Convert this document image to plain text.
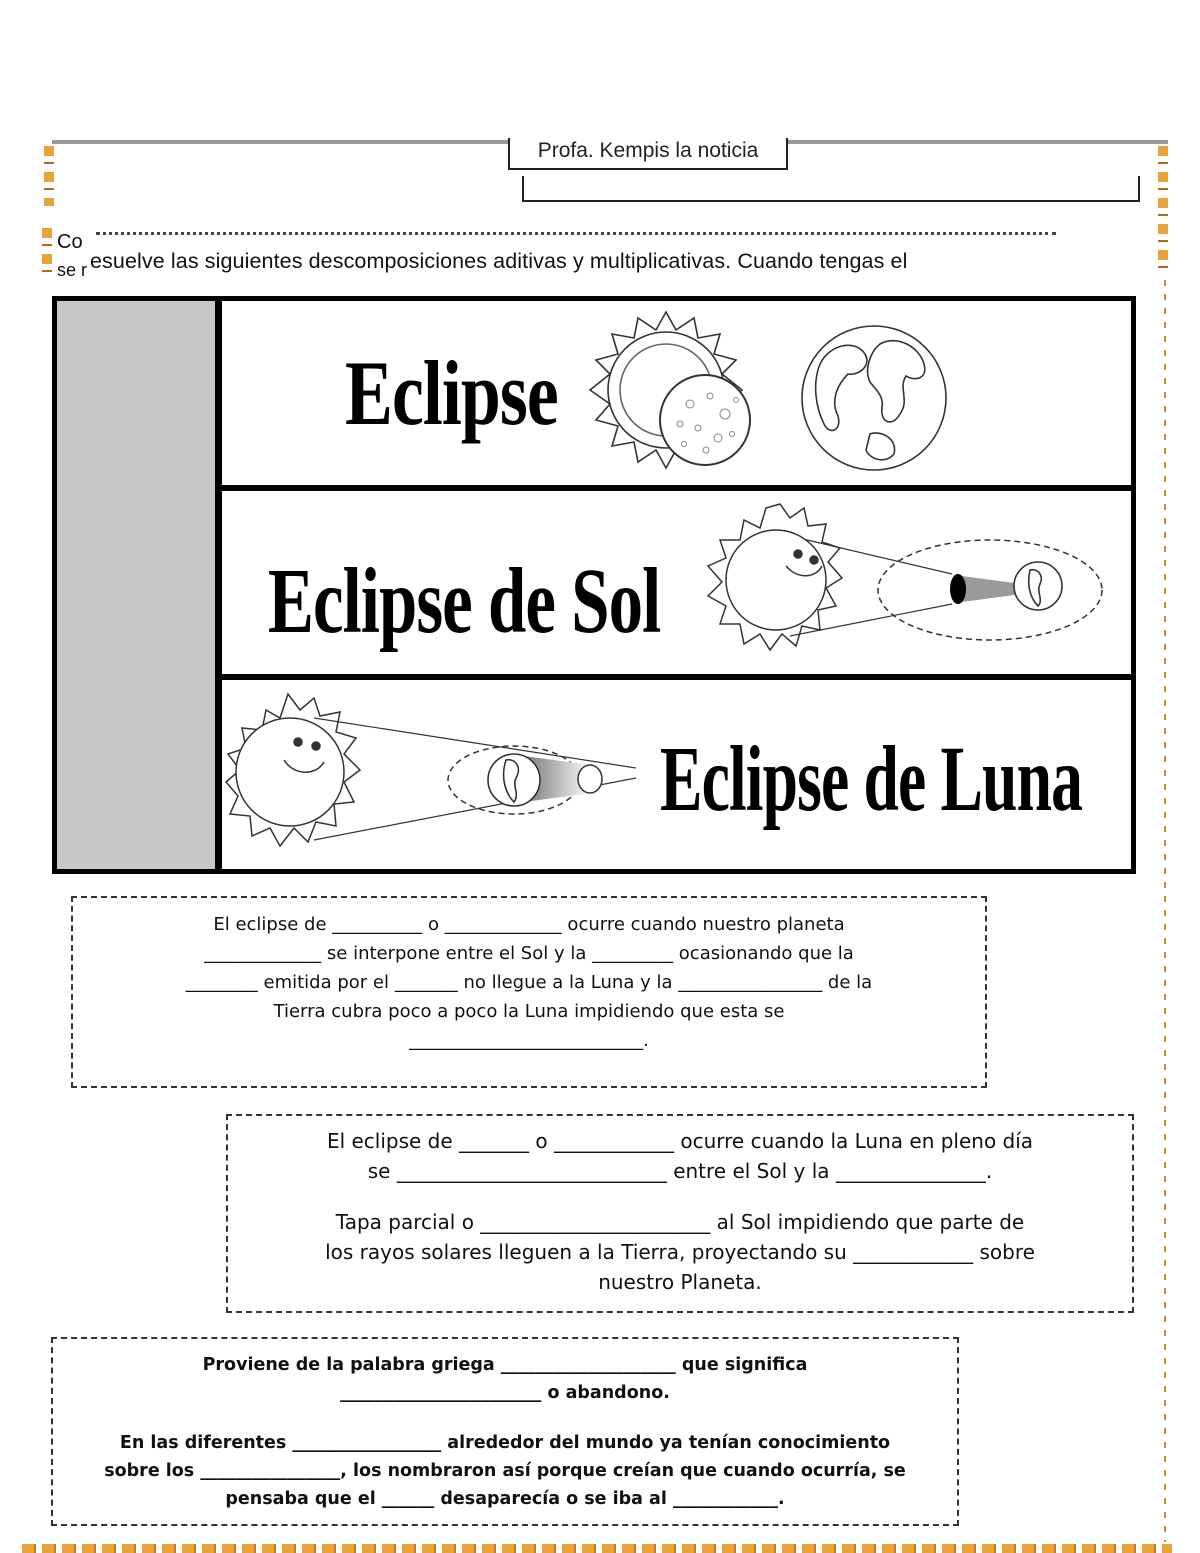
Profa. Kempis la noticia
Co
se r esuelve las siguientes descomposiciones aditivas y multiplicativas. Cuando tengas el
Eclipse
Eclipse de Sol
Eclipse de Luna

El eclipse de __________ o _____________ ocurre cuando nuestro planeta

_____________ se interpone entre el Sol y la _________ ocasionando que la

________ emitida por el _______ no llegue a la Luna y la ________________ de la

Tierra cubra poco a poco la Luna impidiendo que esta se

__________________________.

El eclipse de _______ o ____________ ocurre cuando la Luna en pleno día

se ___________________________ entre el Sol y la _______________.

Tapa parcial o _______________________ al Sol impidiendo que parte de

los rayos solares lleguen a la Tierra, proyectando su ____________ sobre

nuestro Planeta.

Proviene de la palabra griega ____________________ que significa

_______________________ o abandono.

En las diferentes _________________ alrededor del mundo ya tenían conocimiento

sobre los ________________, los nombraron así porque creían que cuando ocurría, se

pensaba que el ______ desaparecía o se iba al ____________.
